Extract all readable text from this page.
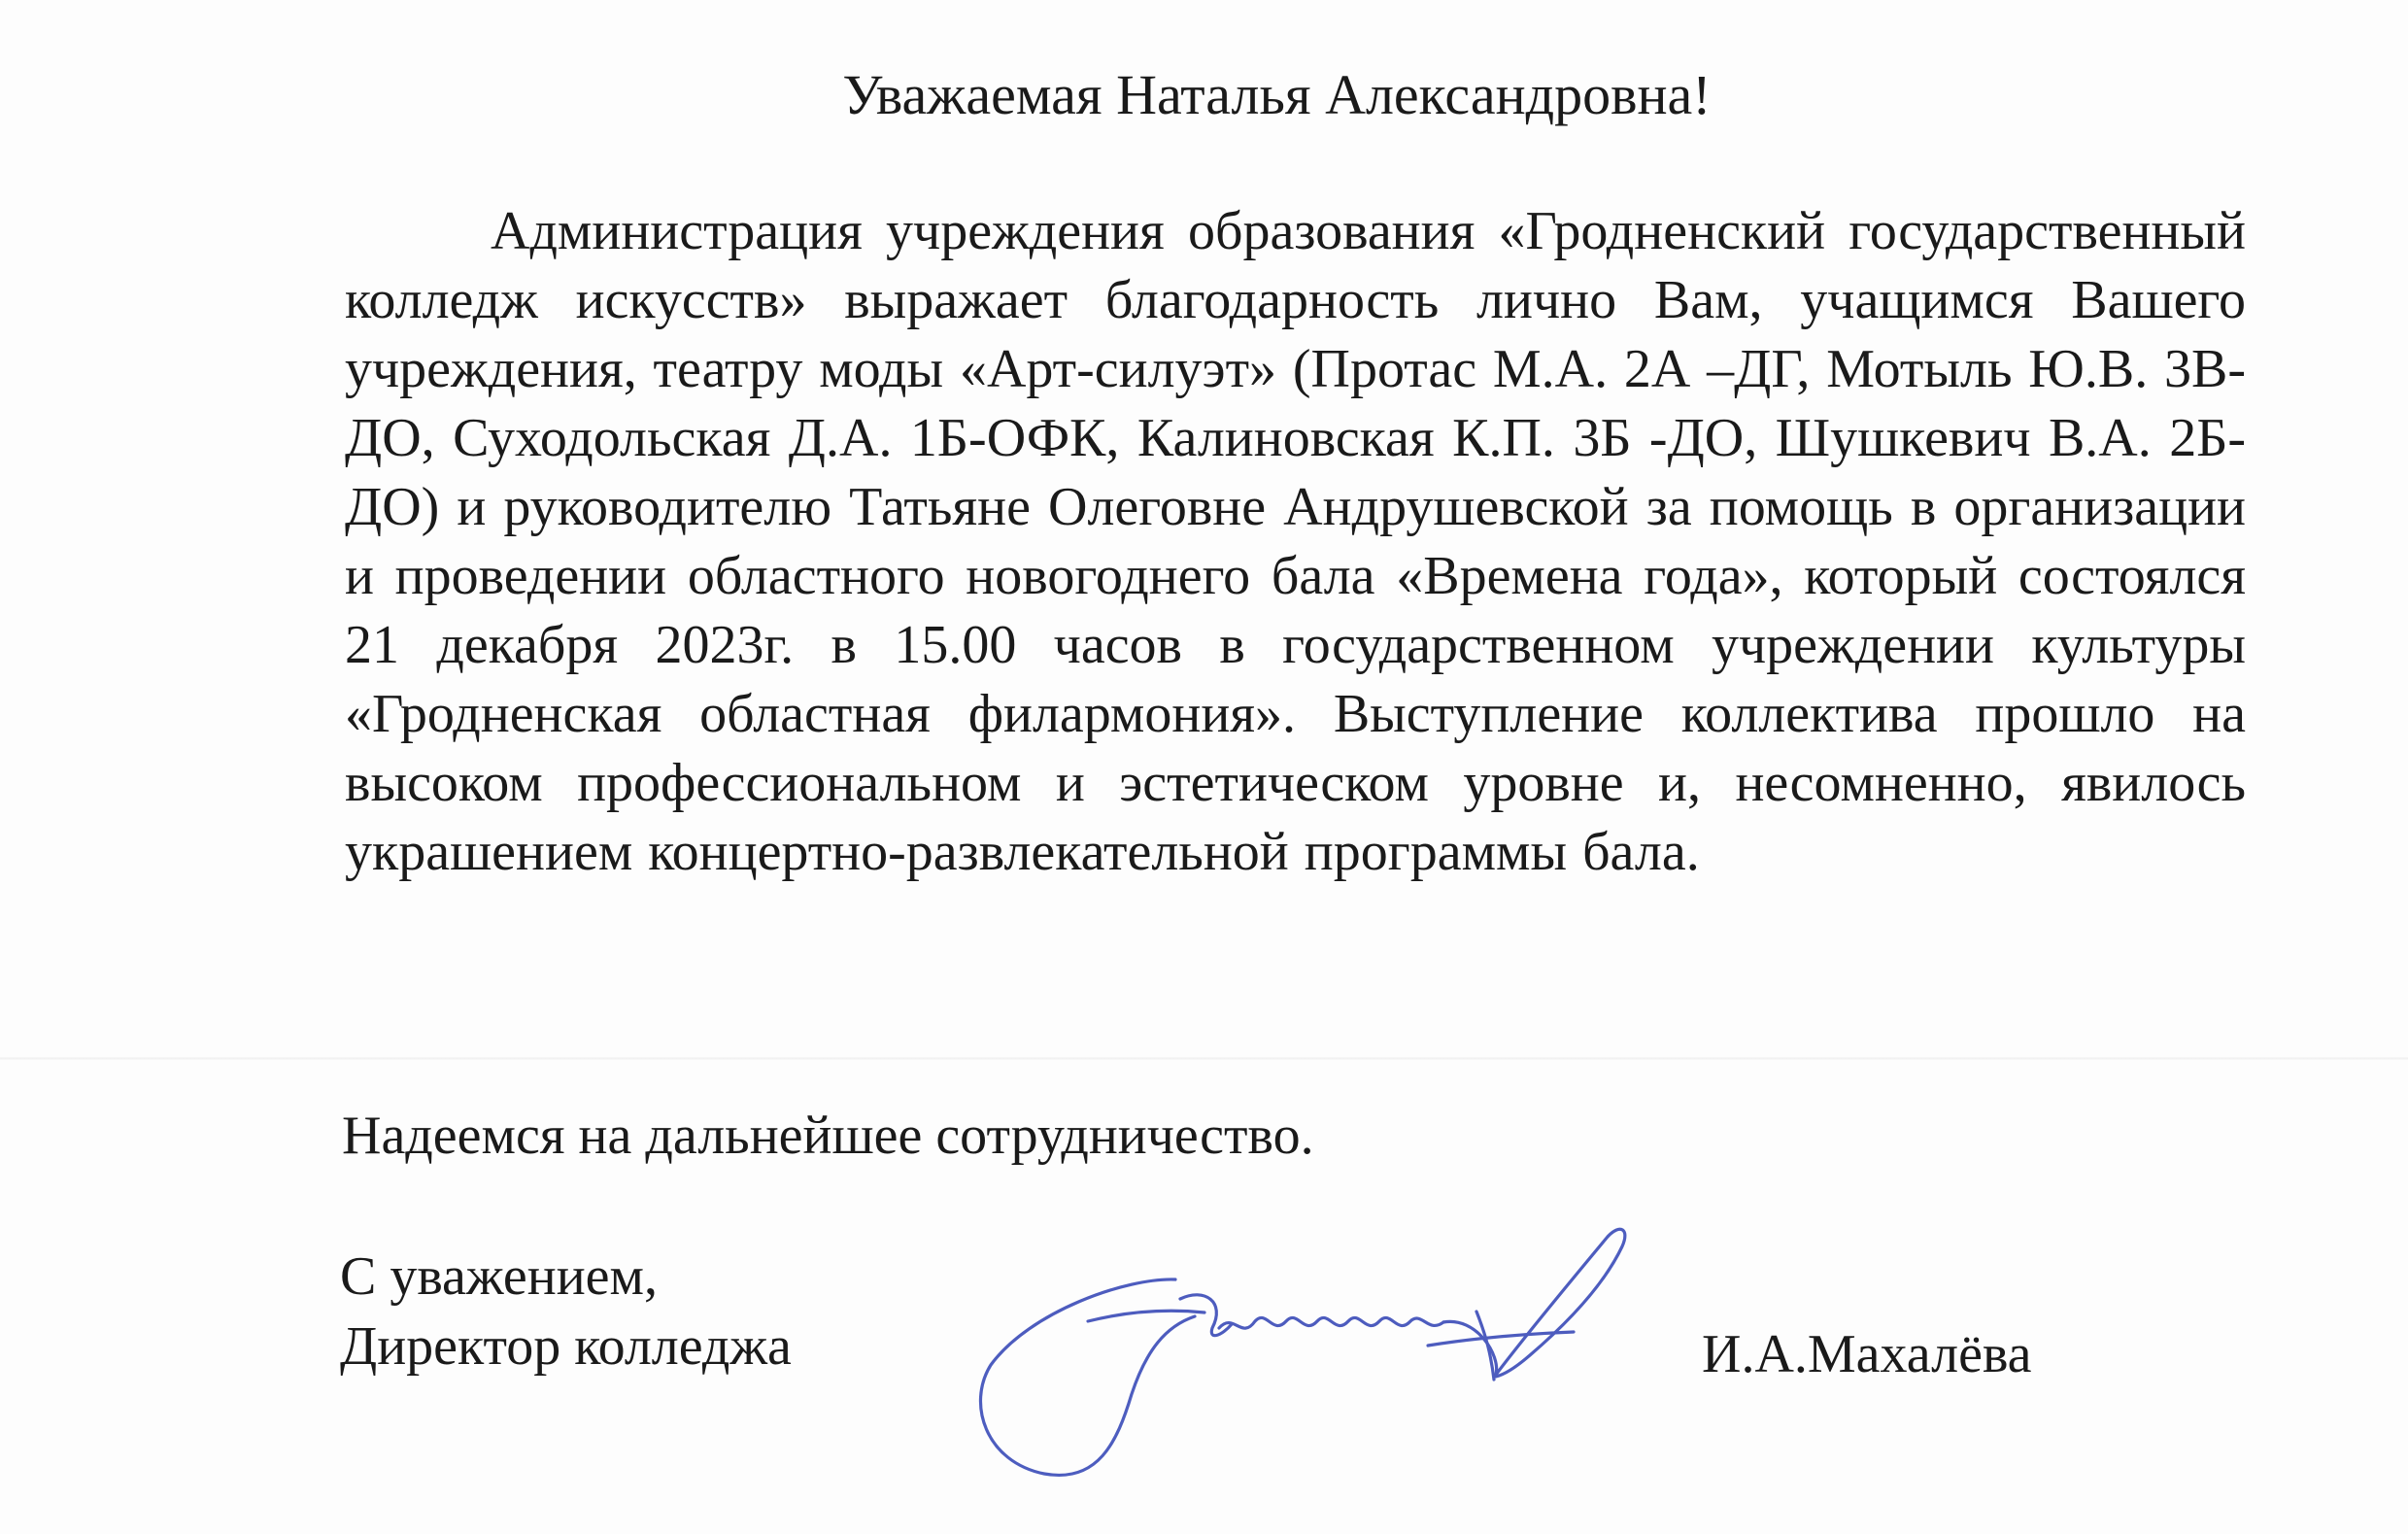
Уважаемая Наталья Александровна!

Администрация учреждения образования «Гродненский государственный колледж искусств» выражает благодарность лично Вам, учащимся Вашего учреждения, театру моды «Арт-силуэт» (Протас М.А. 2А –ДГ, Мотыль Ю.В. 3В- ДО, Суходольская Д.А. 1Б-ОФК, Калиновская К.П. 3Б -ДО, Шушкевич В.А. 2Б-ДО) и руководителю Татьяне Олеговне Андрушевской за помощь в организации и проведении областного новогоднего бала «Времена года», который состоялся 21 декабря 2023г. в 15.00 часов в государственном учреждении культуры «Гродненская областная филармония». Выступление коллектива прошло на высоком профессиональном и эстетическом уровне и, несомненно, явилось украшением концертно-развлекательной программы бала.

Надеемся на дальнейшее сотрудничество.

С уважением,

Директор колледжа	И.А.Махалёва
